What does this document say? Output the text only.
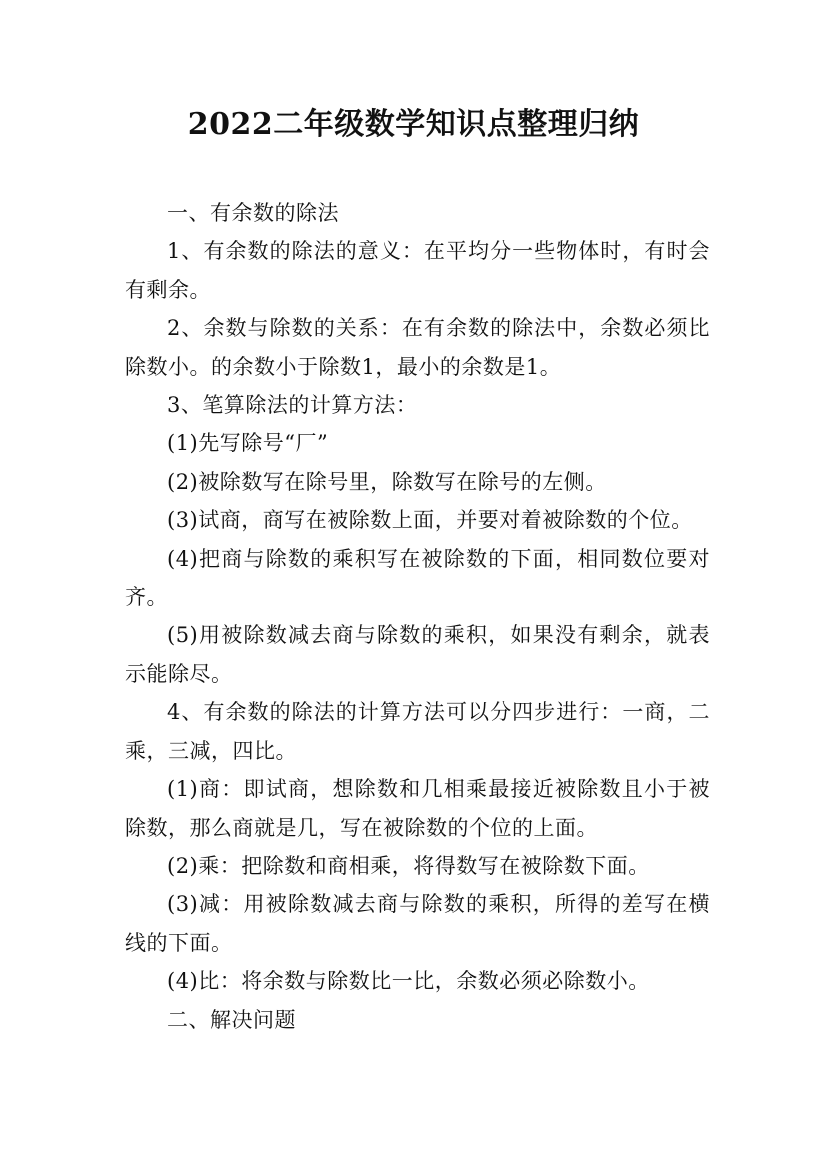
2022二年级数学知识点整理归纳

一、有余数的除法

1、有余数的除法的意义：在平均分一些物体时，有时会有剩余。

2、余数与除数的关系：在有余数的除法中，余数必须比除数小。的余数小于除数1，最小的余数是1。

3、笔算除法的计算方法：

(1)先写除号“厂”

(2)被除数写在除号里，除数写在除号的左侧。

(3)试商，商写在被除数上面，并要对着被除数的个位。

(4)把商与除数的乘积写在被除数的下面，相同数位要对齐。

(5)用被除数减去商与除数的乘积，如果没有剩余，就表示能除尽。

4、有余数的除法的计算方法可以分四步进行：一商，二乘，三减，四比。

(1)商：即试商，想除数和几相乘最接近被除数且小于被除数，那么商就是几，写在被除数的个位的上面。

(2)乘：把除数和商相乘，将得数写在被除数下面。

(3)减：用被除数减去商与除数的乘积，所得的差写在横线的下面。

(4)比：将余数与除数比一比，余数必须必除数小。

二、解决问题
